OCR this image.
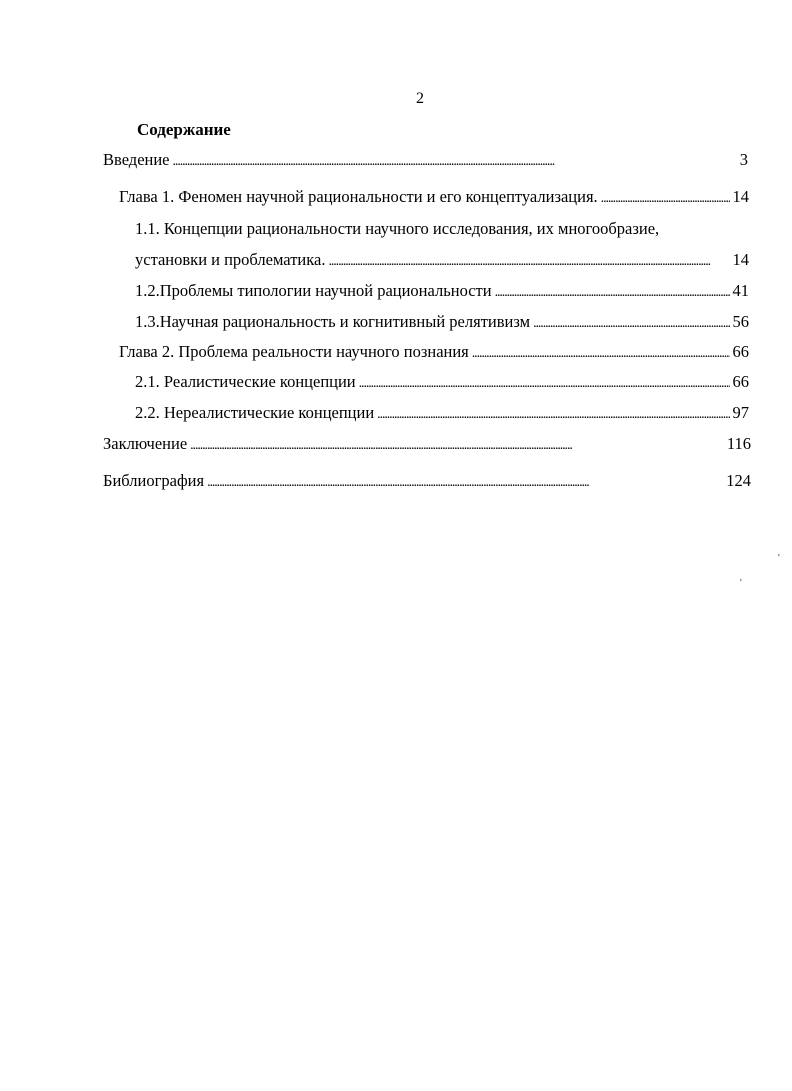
2
Содержание
Введение . . .	3
Глава 1. Феномен научной рациональности и его концептуализация. . . .	14
1.1. Концепции рациональности научного исследования, их многообразие,
установки и проблематика. . . .	14
1.2.Проблемы типологии научной рациональности . . .	41
1.3.Научная рациональность и когнитивный релятивизм . . .	56
Глава 2. Проблема реальности научного познания . . .	66
2.1. Реалистические концепции . . .	66
2.2. Нереалистические концепции . . .	97
Заключение . . .	116
Библиография . . .	124
'
'
